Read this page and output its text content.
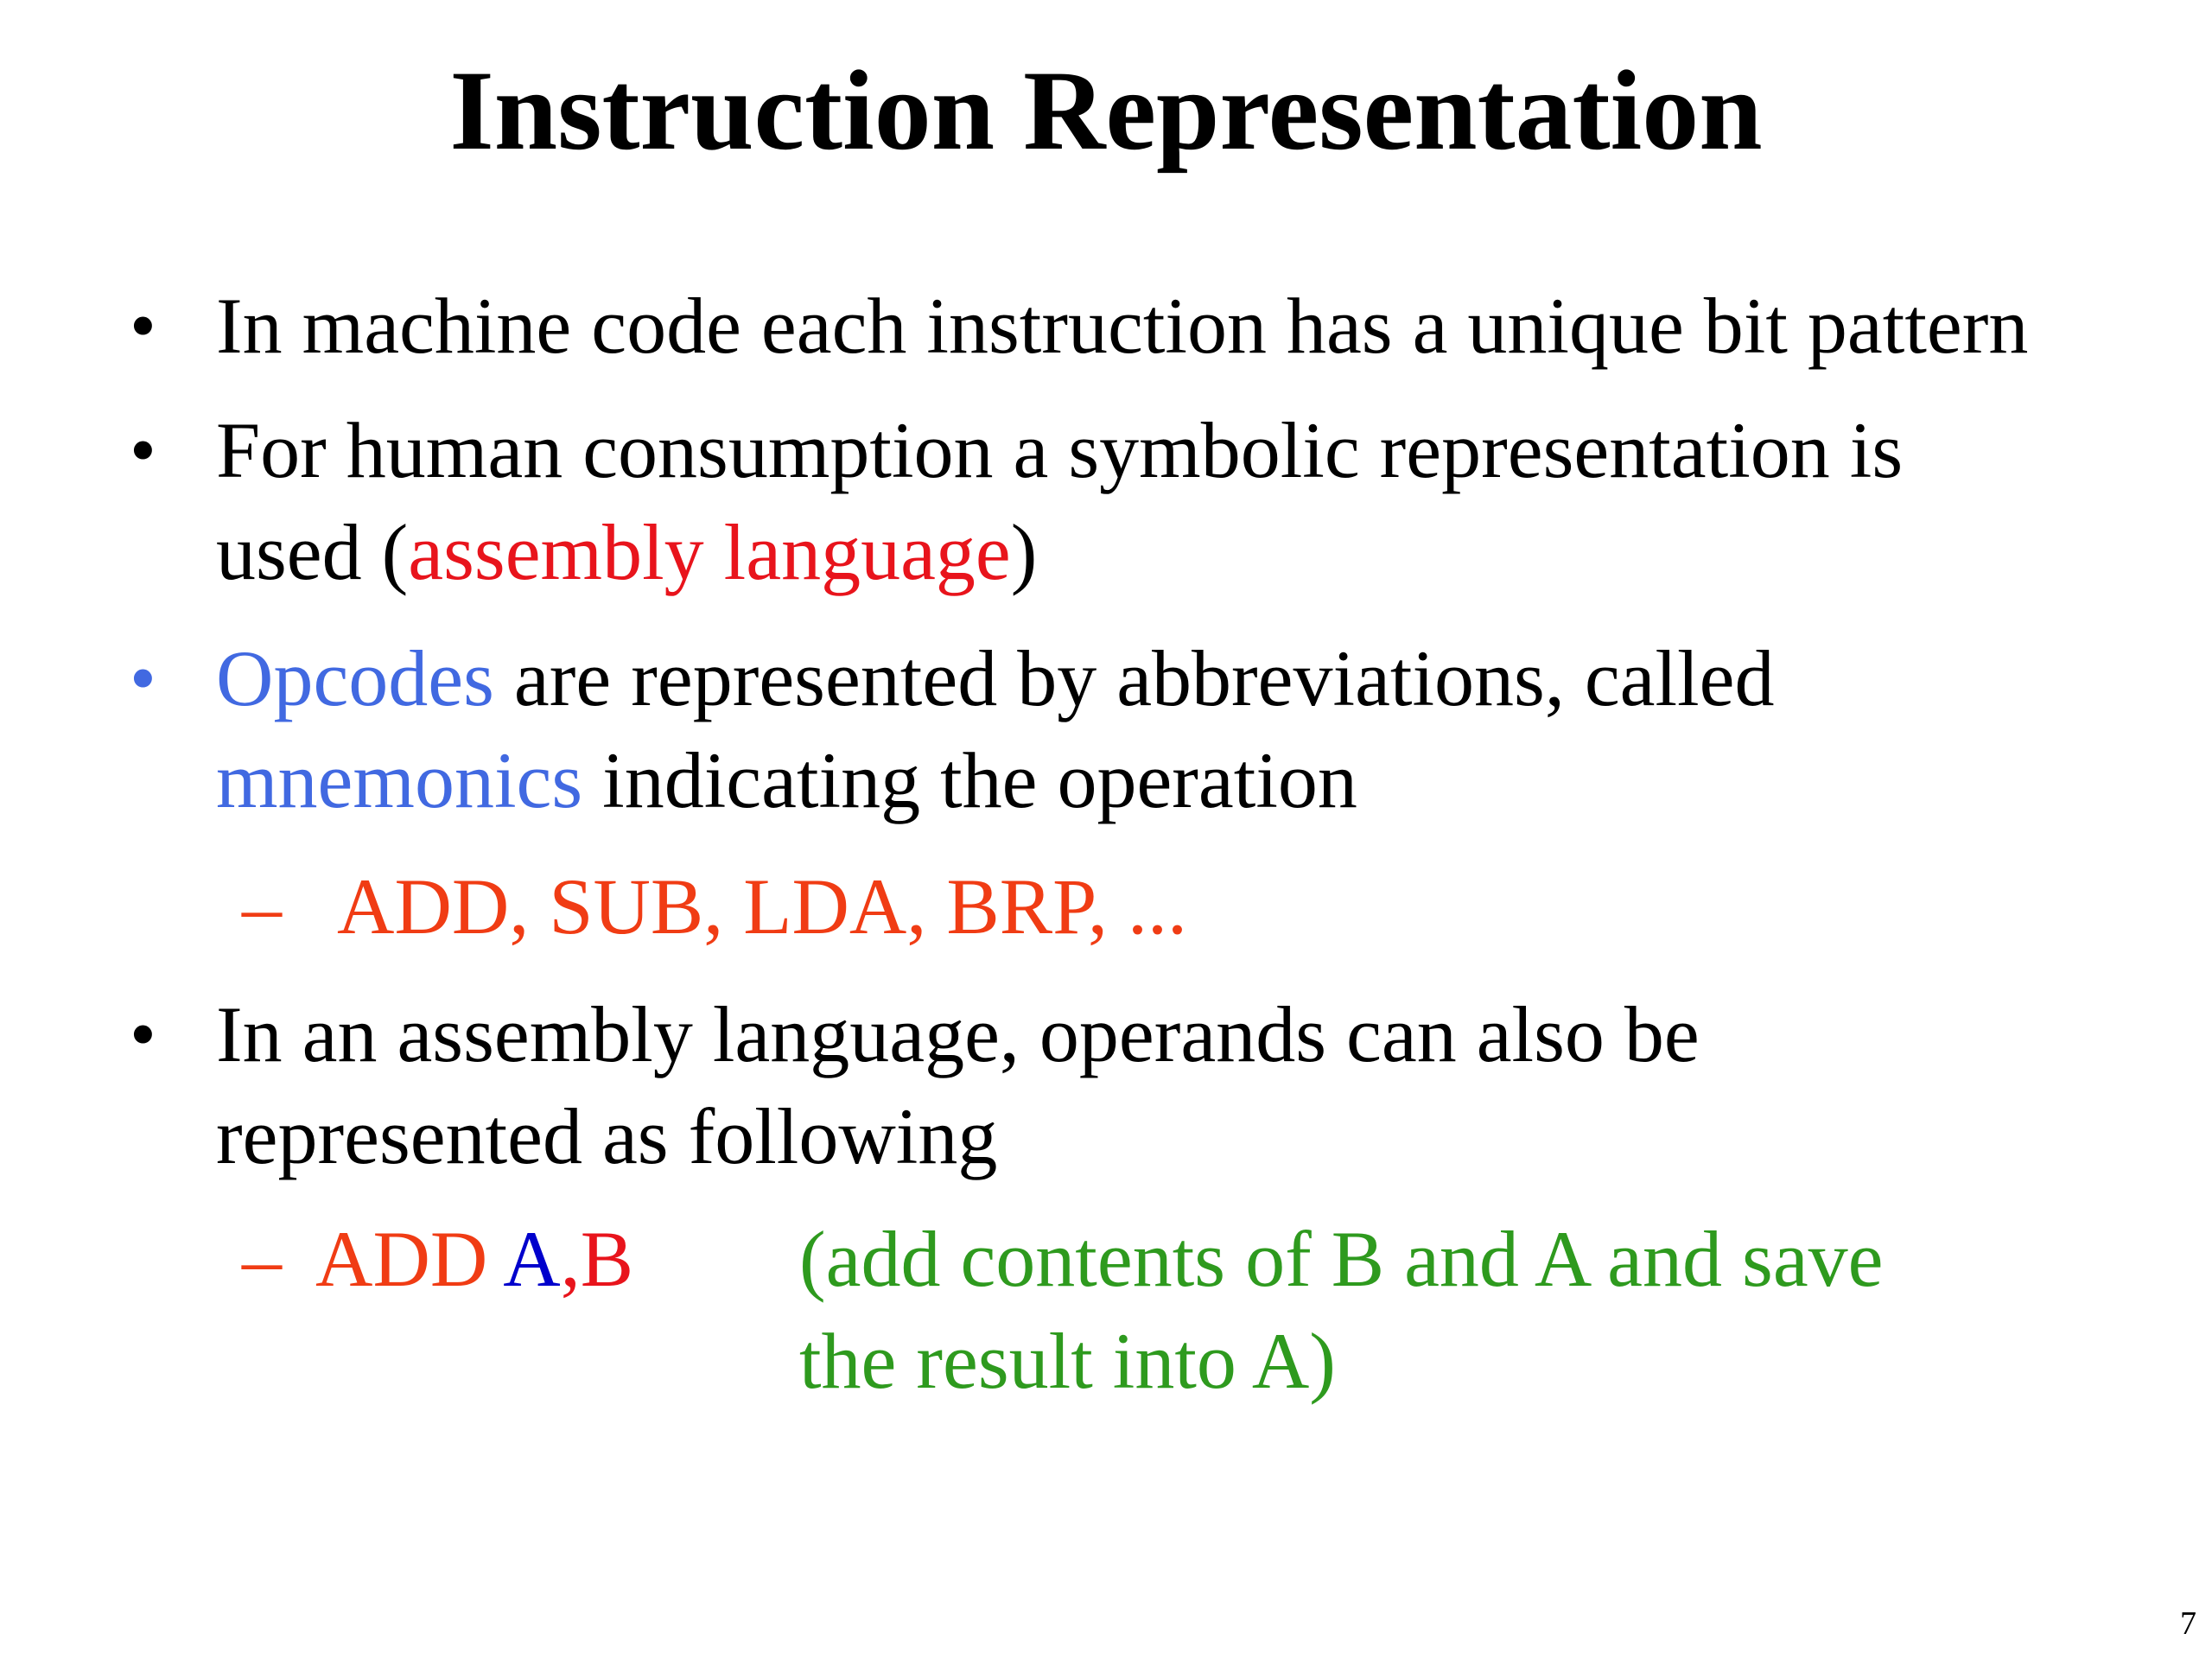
Instruction Representation
• In machine code each instruction has a unique bit pattern
• For human consumption a symbolic representation is
used (assembly language)
• Opcodes are represented by abbreviations, called
mnemonics indicating the operation
– ADD, SUB, LDA, BRP, ...
• In an assembly language, operands can also be
represented as following
– ADD A,B (add contents of B and A and save
the result into A)
7
